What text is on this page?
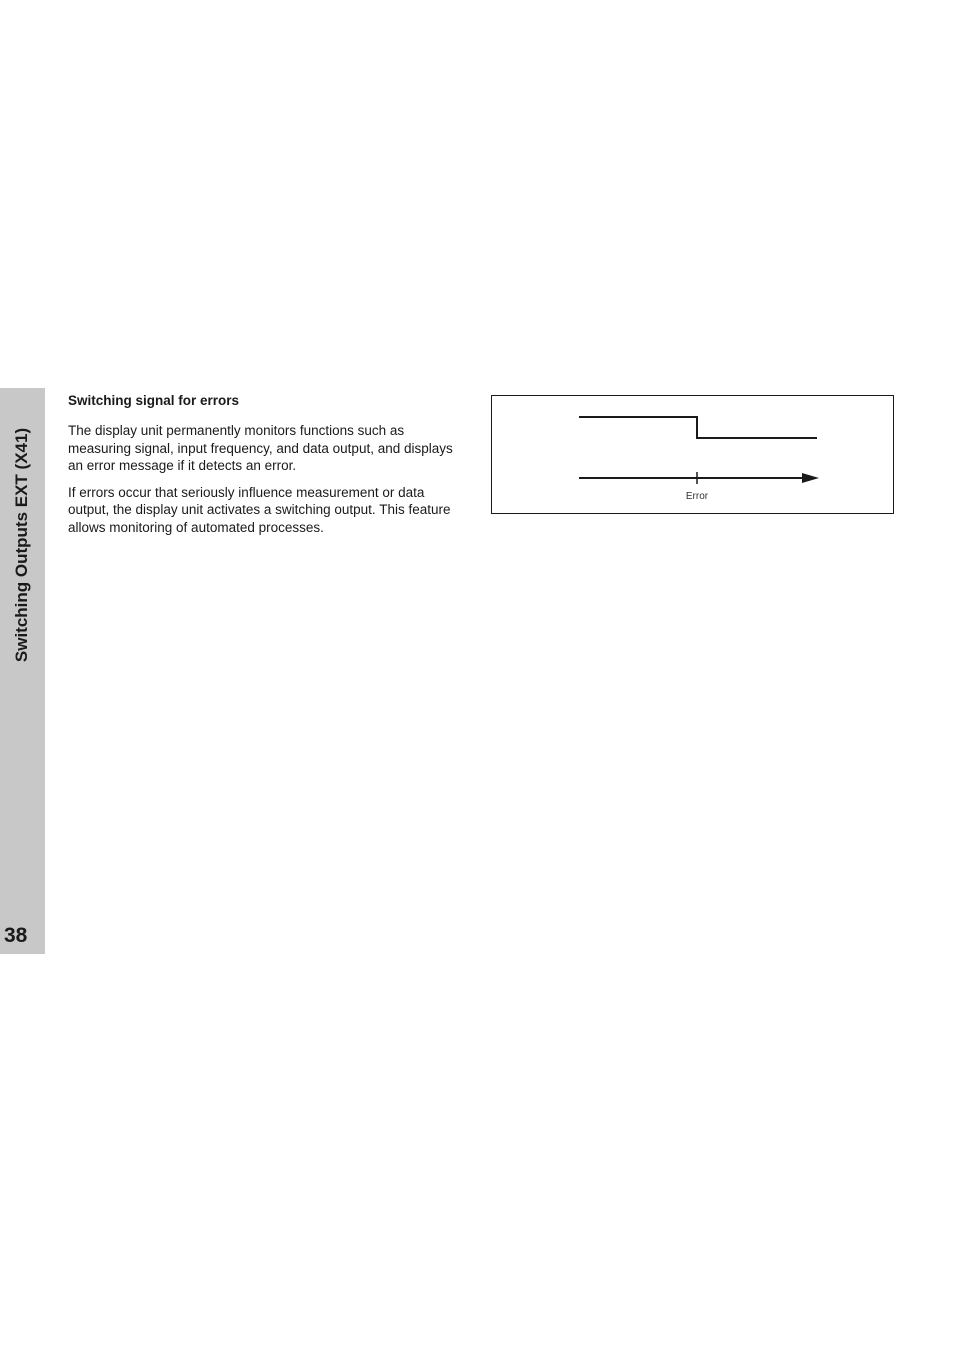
Switching Outputs EXT (X41)
38
Switching signal for errors

The display unit permanently monitors functions such as measuring signal, input frequency, and data output, and displays an error message if it detects an error.

If errors occur that seriously influence measurement or data output, the display unit activates a switching output. This feature allows monitoring of automated processes.

Error
